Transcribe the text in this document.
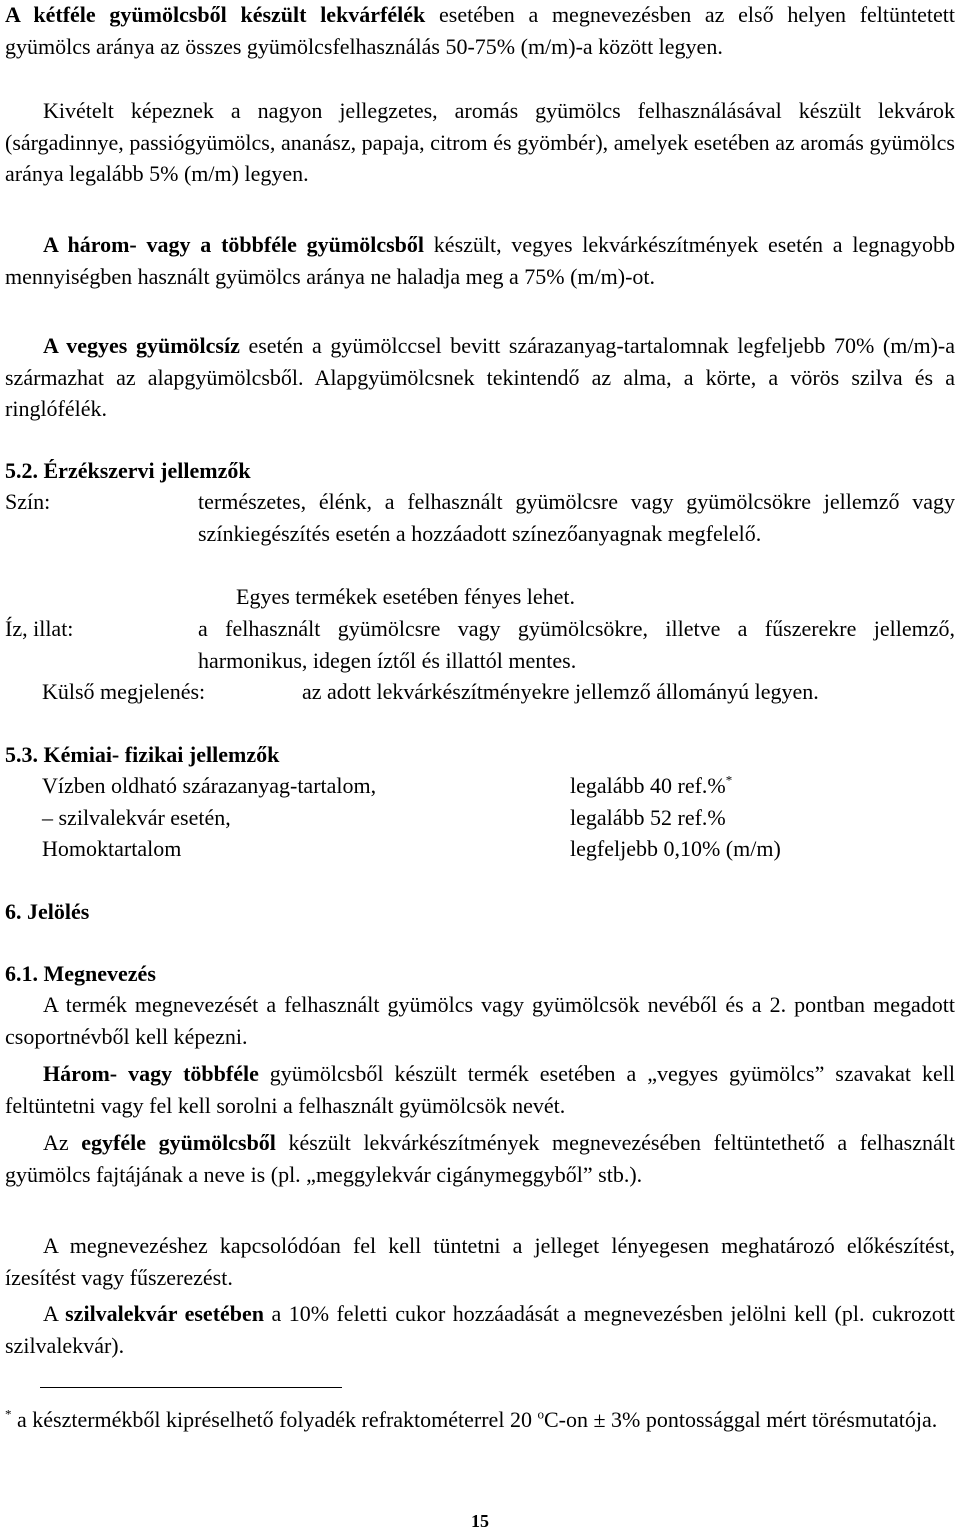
A kétféle gyümölcsből készült lekvárfélék esetében a megnevezésben az első helyen feltüntetett gyümölcs aránya az összes gyümölcsfelhasználás 50-75% (m/m)-a között legyen.

Kivételt képeznek a nagyon jellegzetes, aromás gyümölcs felhasználásával készült lekvárok (sárgadinnye, passiógyümölcs, ananász, papaja, citrom és gyömbér), amelyek esetében az aromás gyümölcs aránya legalább 5% (m/m) legyen.

A három- vagy a többféle gyümölcsből készült, vegyes lekvárkészítmények esetén a legnagyobb mennyiségben használt gyümölcs aránya ne haladja meg a 75% (m/m)-ot.

A vegyes gyümölcsíz esetén a gyümölccsel bevitt szárazanyag-tartalomnak legfeljebb 70% (m/m)-a származhat az alapgyümölcsből. Alapgyümölcsnek tekintendő az alma, a körte, a vörös szilva és a ringlófélék.

5.2. Érzékszervi jellemzők

Szín:	természetes, élénk, a felhasznált gyümölcsre vagy gyümölcsökre jellemző vagy színkiegészítés esetén a hozzáadott színezőanyagnak megfelelő.

Egyes termékek esetében fényes lehet.

Íz, illat:	a felhasznált gyümölcsre vagy gyümölcsökre, illetve a fűszerekre jellemző, harmonikus, idegen íztől és illattól mentes.

Külső megjelenés:	az adott lekvárkészítményekre jellemző állományú legyen.

5.3. Kémiai- fizikai jellemzők

Vízben oldható szárazanyag-tartalom,	legalább 40 ref.%*

– szilvalekvár esetén,	legalább 52 ref.%

Homoktartalom	legfeljebb 0,10% (m/m)

6. Jelölés

6.1. Megnevezés

A termék megnevezését a felhasznált gyümölcs vagy gyümölcsök nevéből és a 2. pontban megadott csoportnévből kell képezni.

Három- vagy többféle gyümölcsből készült termék esetében a „vegyes gyümölcs” szavakat kell feltüntetni vagy fel kell sorolni a felhasznált gyümölcsök nevét.

Az egyféle gyümölcsből készült lekvárkészítmények megnevezésében feltüntethető a felhasznált gyümölcs fajtájának a neve is (pl. „meggylekvár cigánymeggyből” stb.).

A megnevezéshez kapcsolódóan fel kell tüntetni a jelleget lényegesen meghatározó előkészítést, ízesítést vagy fűszerezést.

A szilvalekvár esetében a 10% feletti cukor hozzáadását a megnevezésben jelölni kell (pl. cukrozott szilvalekvár).

* a késztermékből kipréselhető folyadék refraktométerrel 20 $^o$C-on ± 3% pontossággal mért törésmutatója.

15
